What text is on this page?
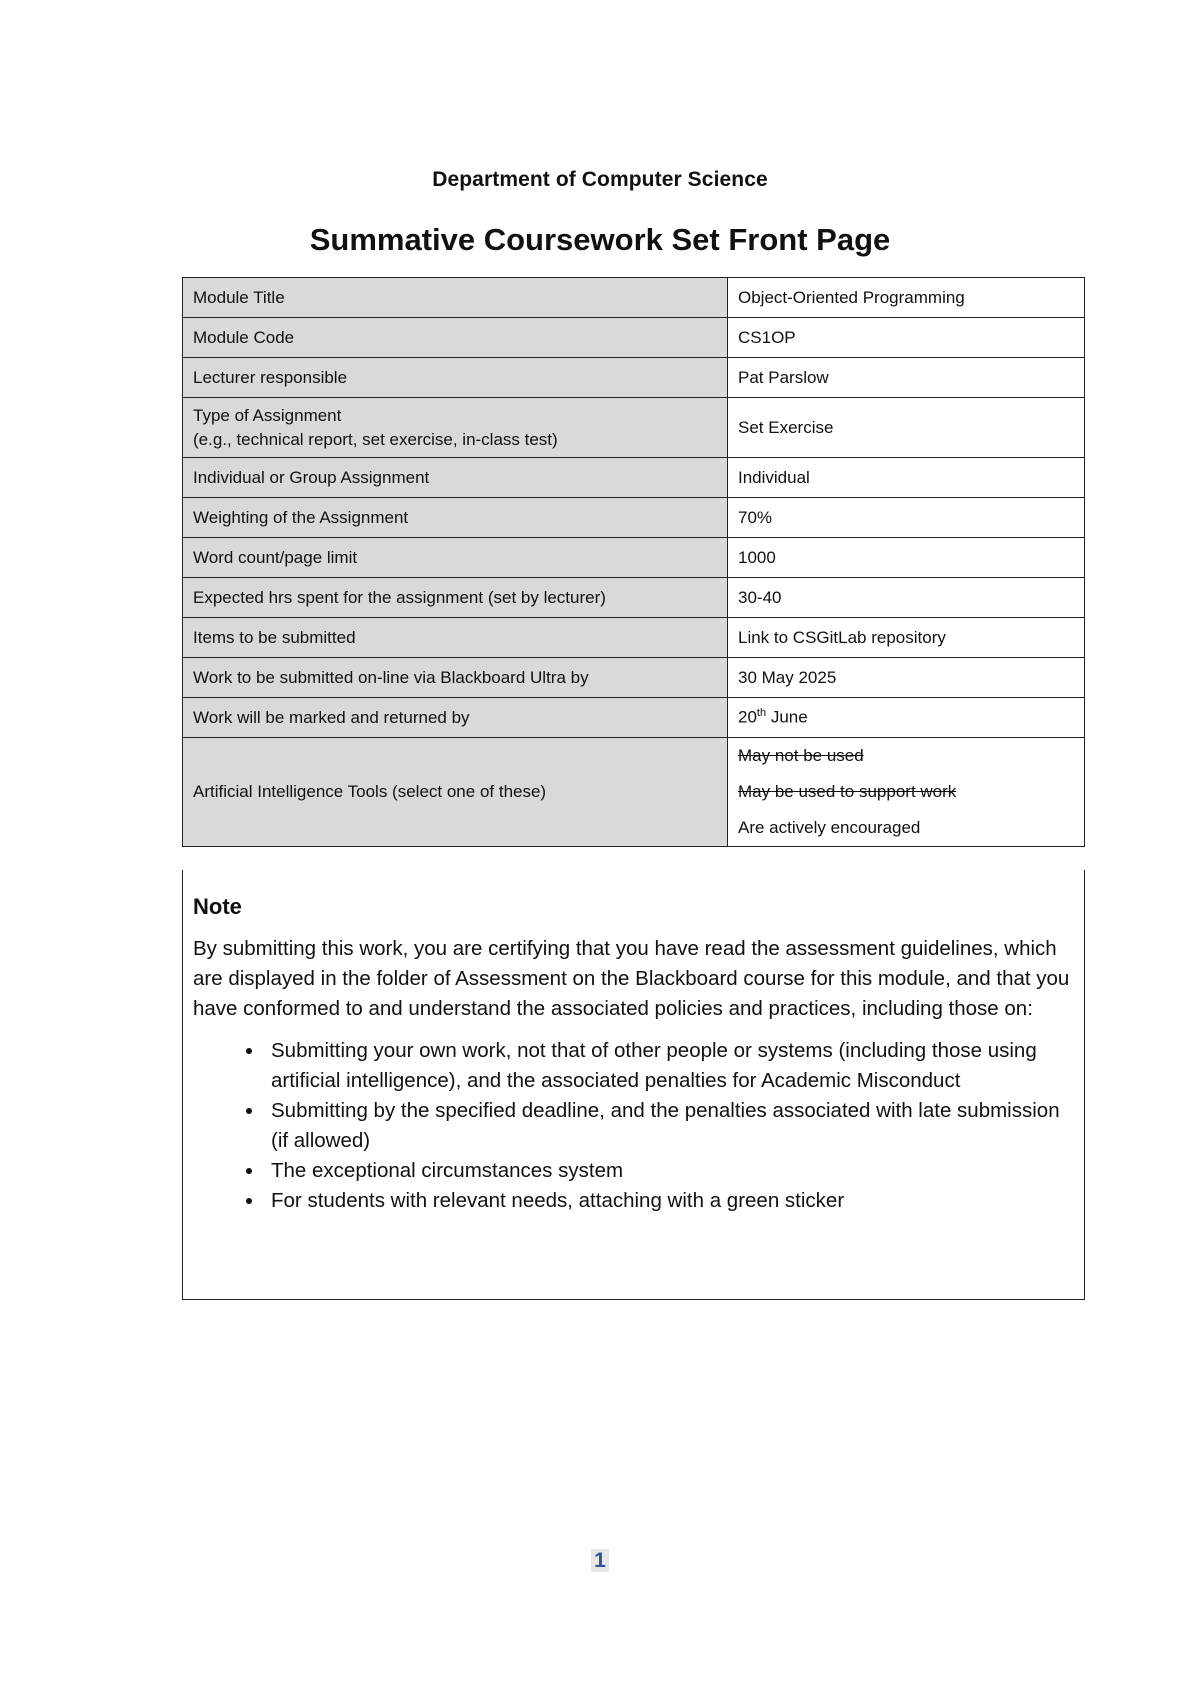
Department of Computer Science
Summative Coursework Set Front Page
Module Title	Object-Oriented Programming
Module Code	CS1OP
Lecturer responsible	Pat Parslow

Type of Assignment
(e.g., technical report, set exercise, in-class test)	Set Exercise
Individual or Group Assignment	Individual
Weighting of the Assignment	70%
Word count/page limit	1000
Expected hrs spent for the assignment (set by lecturer)	30-40
Items to be submitted	Link to CSGitLab repository
Work to be submitted on-line via Blackboard Ultra by	30 May 2025
Work will be marked and returned by	20th June
Artificial Intelligence Tools (select one of these)	May not be used
May be used to support work
Are actively encouraged
Note

By submitting this work, you are certifying that you have read the assessment guidelines, which are displayed in the folder of Assessment on the Blackboard course for this module, and that you have conformed to and understand the associated policies and practices, including those on:

• Submitting your own work, not that of other people or systems (including those using artificial intelligence), and the associated penalties for Academic Misconduct
• Submitting by the specified deadline, and the penalties associated with late submission (if allowed)
• The exceptional circumstances system
• For students with relevant needs, attaching with a green sticker
1
